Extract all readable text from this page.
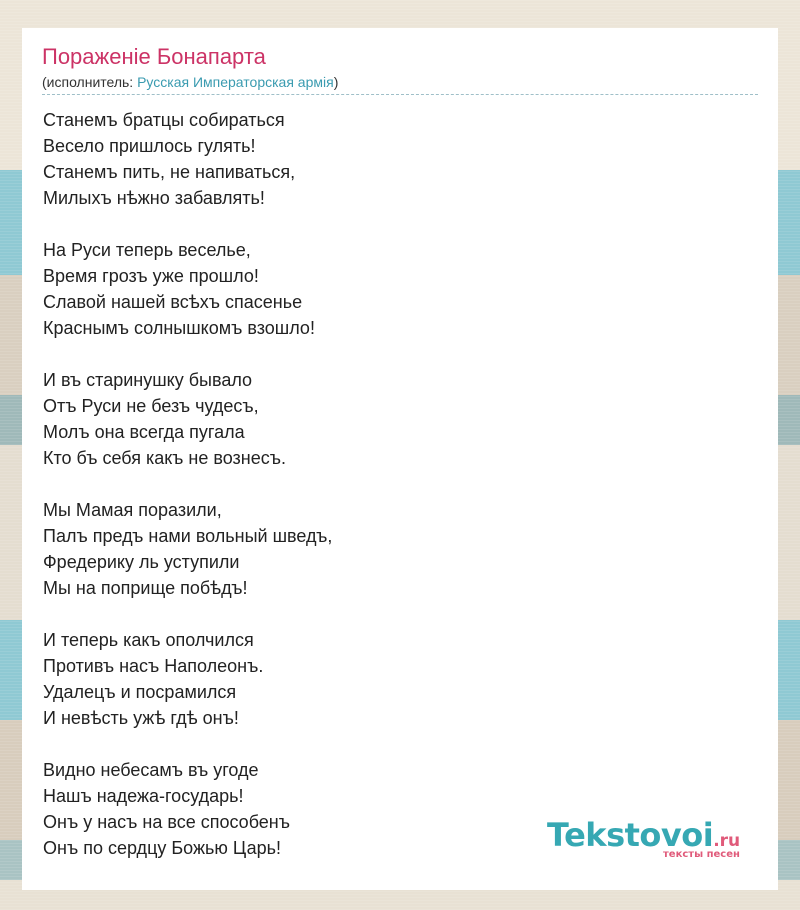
Пораженіе Бонапарта
(исполнитель: Русская Императорская армія)
Станемъ братцы собираться
Весело пришлось гулять!
Станемъ пить, не напиваться,
Милыхъ нѣжно забавлять!
На Руси теперь веселье,
Время грозъ уже прошло!
Славой нашей всѣхъ спасенье
Краснымъ солнышкомъ взошло!
И въ старинушку бывало
Отъ Руси не безъ чудесъ,
Молъ она всегда пугала
Кто бъ себя какъ не вознесъ.
Мы Мамая поразили,
Палъ предъ нами вольный шведъ,
Фредерику ль уступили
Мы на поприще побѣдъ!
И теперь какъ ополчился
Противъ насъ Наполеонъ.
Удалецъ и посрамился
И невѣсть ужѣ гдѣ онъ!
Видно небесамъ въ угоде
Нашъ надежа-государь!
Онъ у насъ на все способенъ
Онъ по сердцу Божью Царь!	Tekstovoi.ru
тексты песен
